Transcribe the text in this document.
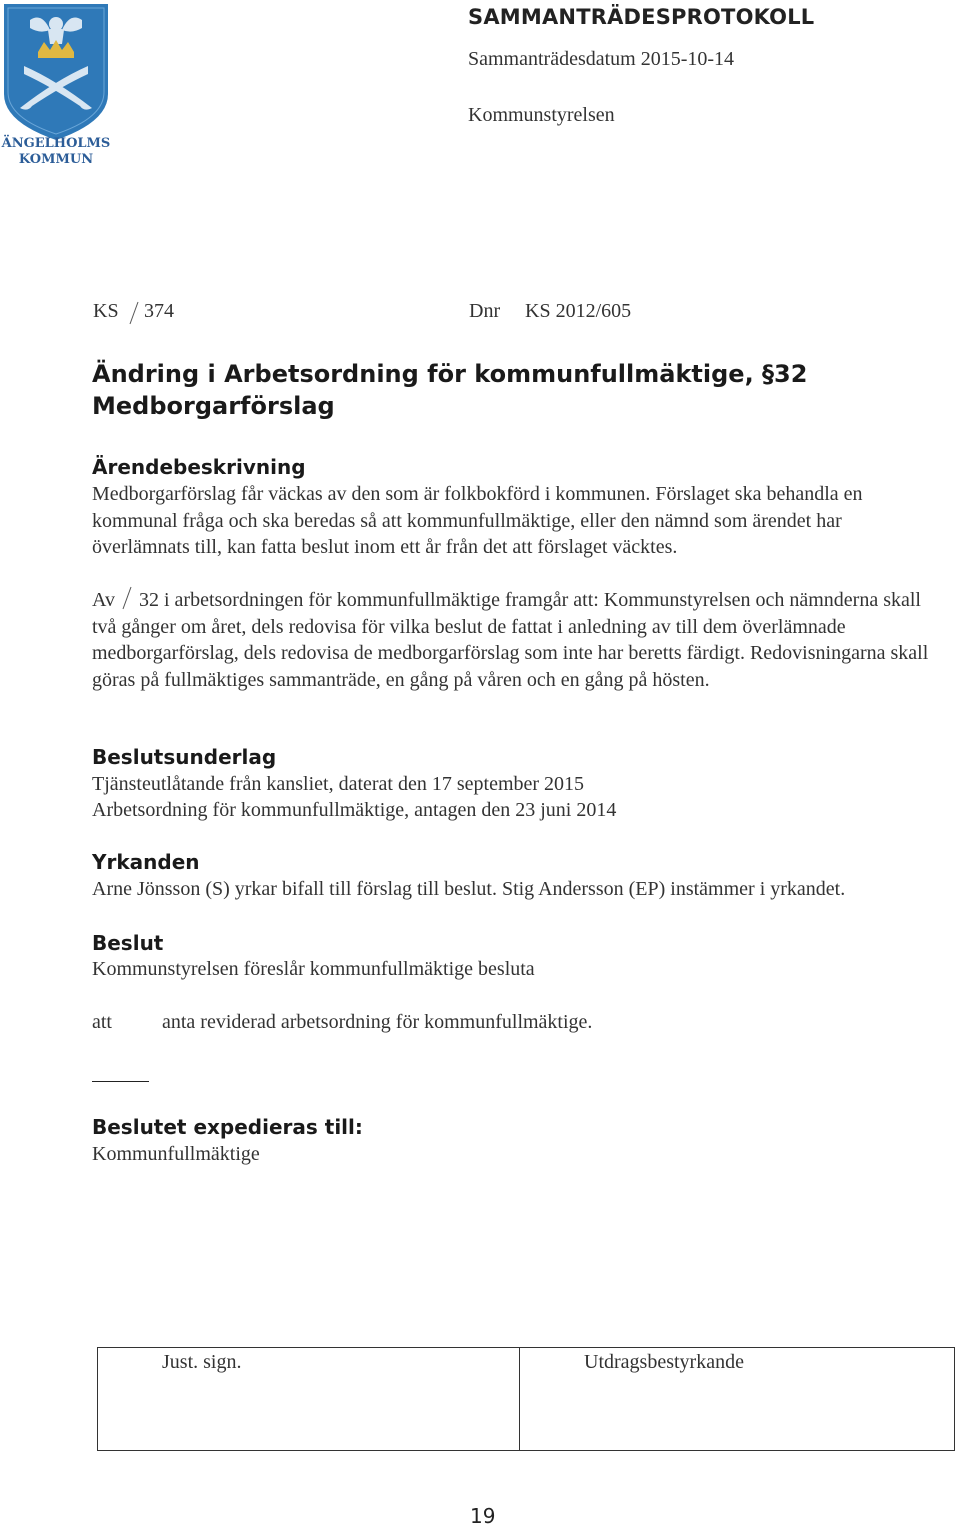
ÄNGELHOLMS
KOMMUN
SAMMANTRÄDESPROTOKOLL
Sammanträdesdatum 2015-10-14
Kommunstyrelsen
KS 374	Dnr KS 2012/605
Ändring i Arbetsordning för kommunfullmäktige, §32
Medborgarförslag
Ärendebeskrivning
Medborgarförslag får väckas av den som är folkbokförd i kommunen. Förslaget ska behandla en kommunal fråga och ska beredas så att kommunfullmäktige, eller den nämnd som ärendet har överlämnats till, kan fatta beslut inom ett år från det att förslaget väcktes.
Av 32 i arbetsordningen för kommunfullmäktige framgår att: Kommunstyrelsen och nämnderna skall två gånger om året, dels redovisa för vilka beslut de fattat i anledning av till dem överlämnade medborgarförslag, dels redovisa de medborgarförslag som inte har beretts färdigt. Redovisningarna skall göras på fullmäktiges sammanträde, en gång på våren och en gång på hösten.
Beslutsunderlag
Tjänsteutlåtande från kansliet, daterat den 17 september 2015
Arbetsordning för kommunfullmäktige, antagen den 23 juni 2014
Yrkanden
Arne Jönsson (S) yrkar bifall till förslag till beslut. Stig Andersson (EP) instämmer i yrkandet.
Beslut
Kommunstyrelsen föreslår kommunfullmäktige besluta
att	anta reviderad arbetsordning för kommunfullmäktige.
Beslutet expedieras till:
Kommunfullmäktige
Just. sign.	Utdragsbestyrkande
19
